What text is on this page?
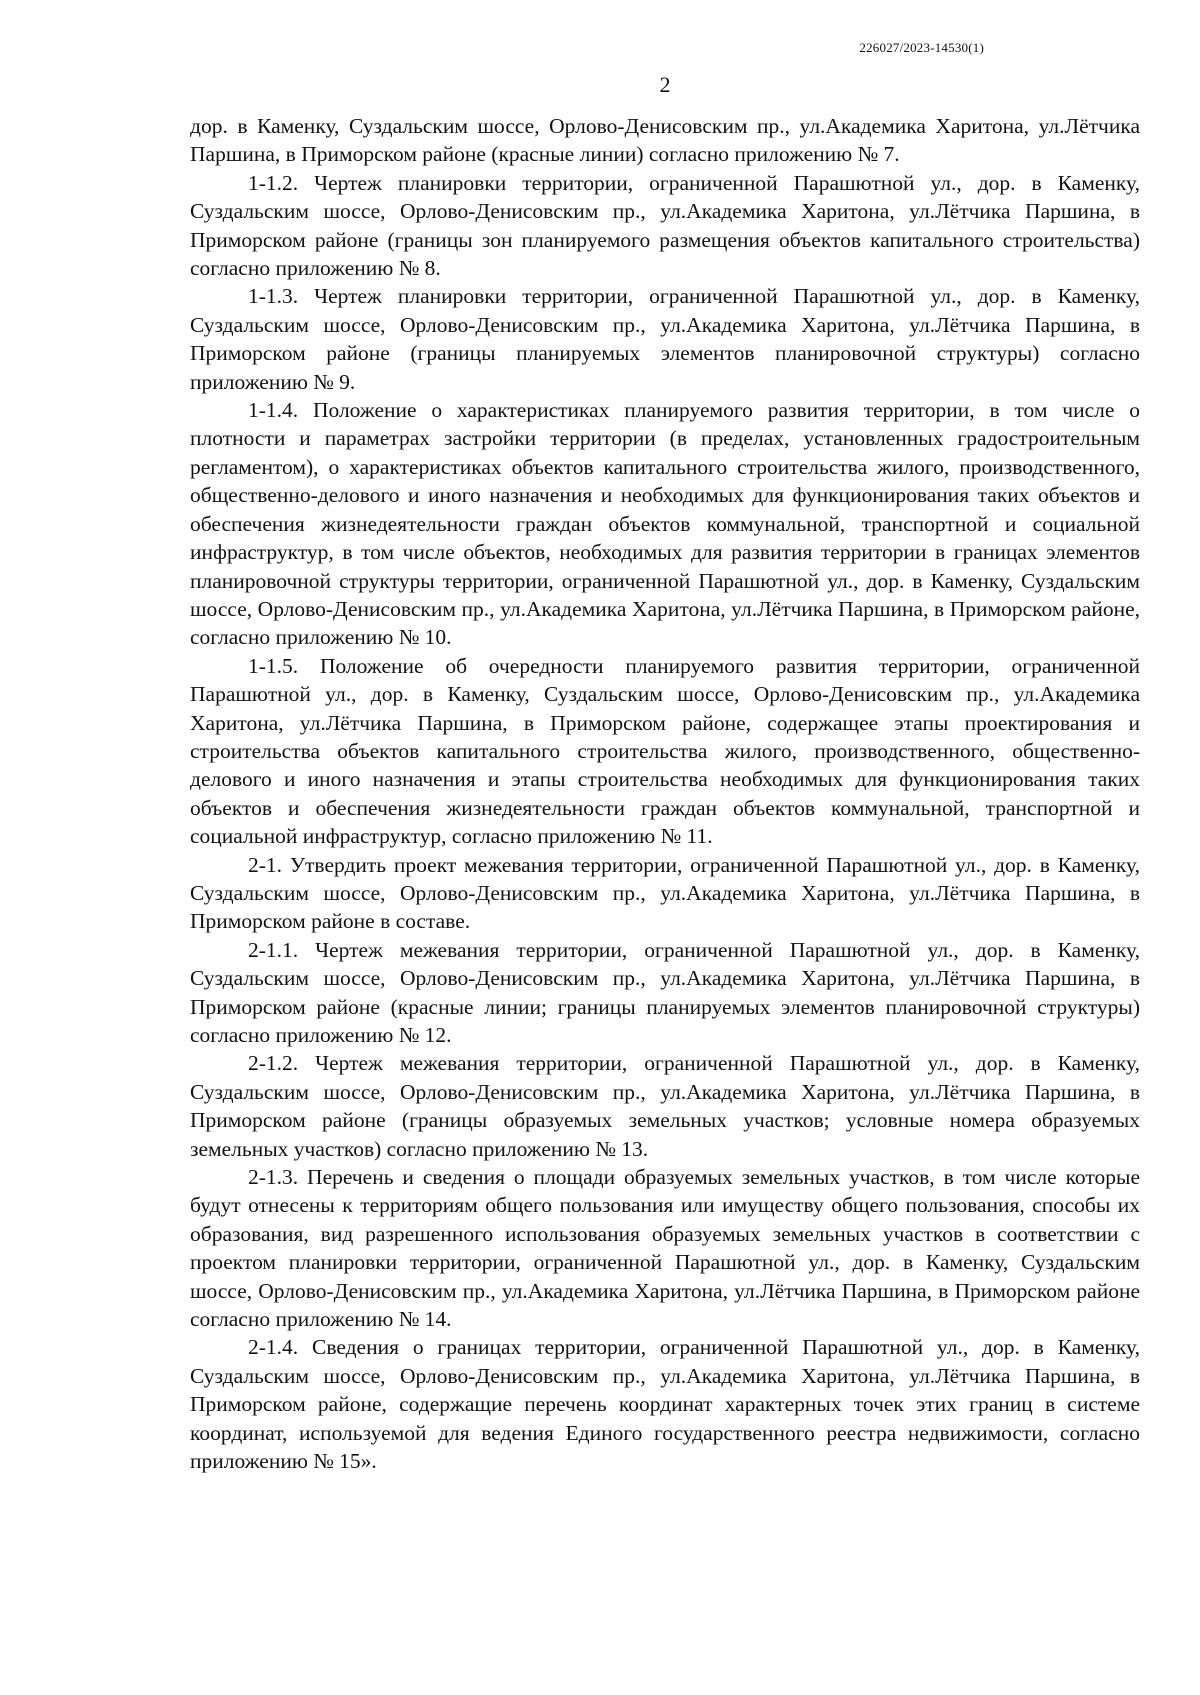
226027/2023-14530(1)
2

дор. в Каменку, Суздальским шоссе, Орлово-Денисовским пр., ул.Академика Харитона, ул.Лётчика Паршина, в Приморском районе (красные линии) согласно приложению № 7.

1-1.2. Чертеж планировки территории, ограниченной Парашютной ул., дор. в Каменку, Суздальским шоссе, Орлово-Денисовским пр., ул.Академика Харитона, ул.Лётчика Паршина, в Приморском районе (границы зон планируемого размещения объектов капитального строительства) согласно приложению № 8.

1-1.3. Чертеж планировки территории, ограниченной Парашютной ул., дор. в Каменку, Суздальским шоссе, Орлово-Денисовским пр., ул.Академика Харитона, ул.Лётчика Паршина, в Приморском районе (границы планируемых элементов планировочной структуры) согласно приложению № 9.

1-1.4. Положение о характеристиках планируемого развития территории, в том числе о плотности и параметрах застройки территории (в пределах, установленных градостроительным регламентом), о характеристиках объектов капитального строительства жилого, производственного, общественно-делового и иного назначения и необходимых для функционирования таких объектов и обеспечения жизнедеятельности граждан объектов коммунальной, транспортной и социальной инфраструктур, в том числе объектов, необходимых для развития территории в границах элементов планировочной структуры территории, ограниченной Парашютной ул., дор. в Каменку, Суздальским шоссе, Орлово-Денисовским пр., ул.Академика Харитона, ул.Лётчика Паршина, в Приморском районе, согласно приложению № 10.

1-1.5. Положение об очередности планируемого развития территории, ограниченной Парашютной ул., дор. в Каменку, Суздальским шоссе, Орлово-Денисовским пр., ул.Академика Харитона, ул.Лётчика Паршина, в Приморском районе, содержащее этапы проектирования и строительства объектов капитального строительства жилого, производственного, общественно-делового и иного назначения и этапы строительства необходимых для функционирования таких объектов и обеспечения жизнедеятельности граждан объектов коммунальной, транспортной и социальной инфраструктур, согласно приложению № 11.

2-1. Утвердить проект межевания территории, ограниченной Парашютной ул., дор. в Каменку, Суздальским шоссе, Орлово-Денисовским пр., ул.Академика Харитона, ул.Лётчика Паршина, в Приморском районе в составе.

2-1.1. Чертеж межевания территории, ограниченной Парашютной ул., дор. в Каменку, Суздальским шоссе, Орлово-Денисовским пр., ул.Академика Харитона, ул.Лётчика Паршина, в Приморском районе (красные линии; границы планируемых элементов планировочной структуры) согласно приложению № 12.

2-1.2. Чертеж межевания территории, ограниченной Парашютной ул., дор. в Каменку, Суздальским шоссе, Орлово-Денисовским пр., ул.Академика Харитона, ул.Лётчика Паршина, в Приморском районе (границы образуемых земельных участков; условные номера образуемых земельных участков) согласно приложению № 13.

2-1.3. Перечень и сведения о площади образуемых земельных участков, в том числе которые будут отнесены к территориям общего пользования или имуществу общего пользования, способы их образования, вид разрешенного использования образуемых земельных участков в соответствии с проектом планировки территории, ограниченной Парашютной ул., дор. в Каменку, Суздальским шоссе, Орлово-Денисовским пр., ул.Академика Харитона, ул.Лётчика Паршина, в Приморском районе согласно приложению № 14.

2-1.4. Сведения о границах территории, ограниченной Парашютной ул., дор. в Каменку, Суздальским шоссе, Орлово-Денисовским пр., ул.Академика Харитона, ул.Лётчика Паршина, в Приморском районе, содержащие перечень координат характерных точек этих границ в системе координат, используемой для ведения Единого государственного реестра недвижимости, согласно приложению № 15».
